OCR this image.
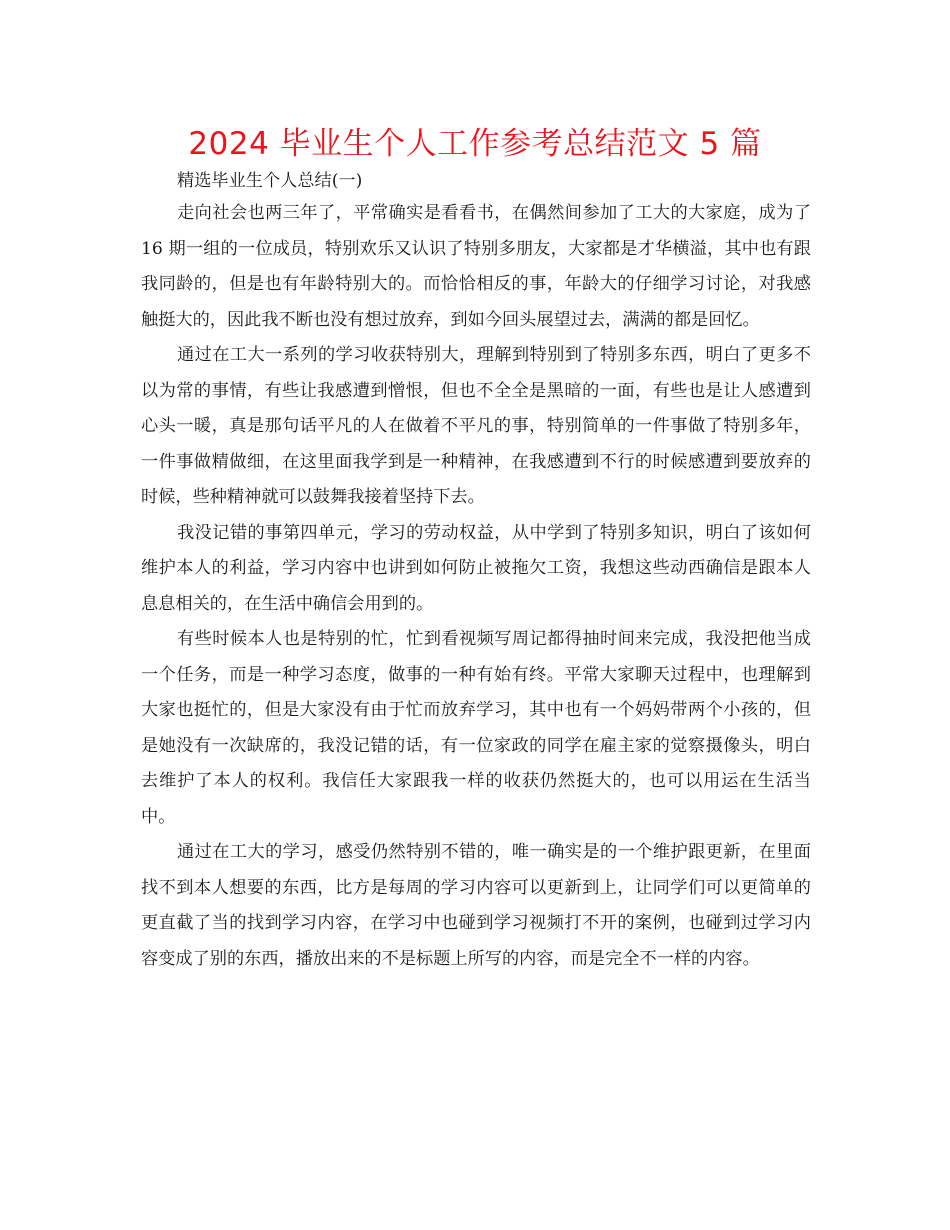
2024 毕业生个人工作参考总结范文 5 篇

精选毕业生个人总结(一)

走向社会也两三年了，平常确实是看看书，在偶然间参加了工大的大家庭，成为了 16 期一组的一位成员，特别欢乐又认识了特别多朋友，大家都是才华横溢，其中也有跟我同龄的，但是也有年龄特别大的。而恰恰相反的事，年龄大的仔细学习讨论，对我感触挺大的，因此我不断也没有想过放弃，到如今回头展望过去，满满的都是回忆。

通过在工大一系列的学习收获特别大，理解到特别到了特别多东西，明白了更多不以为常的事情，有些让我感遭到憎恨，但也不全全是黑暗的一面，有些也是让人感遭到心头一暖，真是那句话平凡的人在做着不平凡的事，特别简单的一件事做了特别多年，一件事做精做细，在这里面我学到是一种精神，在我感遭到不行的时候感遭到要放弃的时候，些种精神就可以鼓舞我接着坚持下去。

我没记错的事第四单元，学习的劳动权益，从中学到了特别多知识，明白了该如何维护本人的利益，学习内容中也讲到如何防止被拖欠工资，我想这些动西确信是跟本人息息相关的，在生活中确信会用到的。

有些时候本人也是特别的忙，忙到看视频写周记都得抽时间来完成，我没把他当成一个任务，而是一种学习态度，做事的一种有始有终。平常大家聊天过程中，也理解到大家也挺忙的，但是大家没有由于忙而放弃学习，其中也有一个妈妈带两个小孩的，但是她没有一次缺席的，我没记错的话，有一位家政的同学在雇主家的觉察摄像头，明白去维护了本人的权利。我信任大家跟我一样的收获仍然挺大的，也可以用运在生活当中。

通过在工大的学习，感受仍然特别不错的，唯一确实是的一个维护跟更新，在里面找不到本人想要的东西，比方是每周的学习内容可以更新到上，让同学们可以更简单的更直截了当的找到学习内容，在学习中也碰到学习视频打不开的案例，也碰到过学习内容变成了别的东西，播放出来的不是标题上所写的内容，而是完全不一样的内容。
